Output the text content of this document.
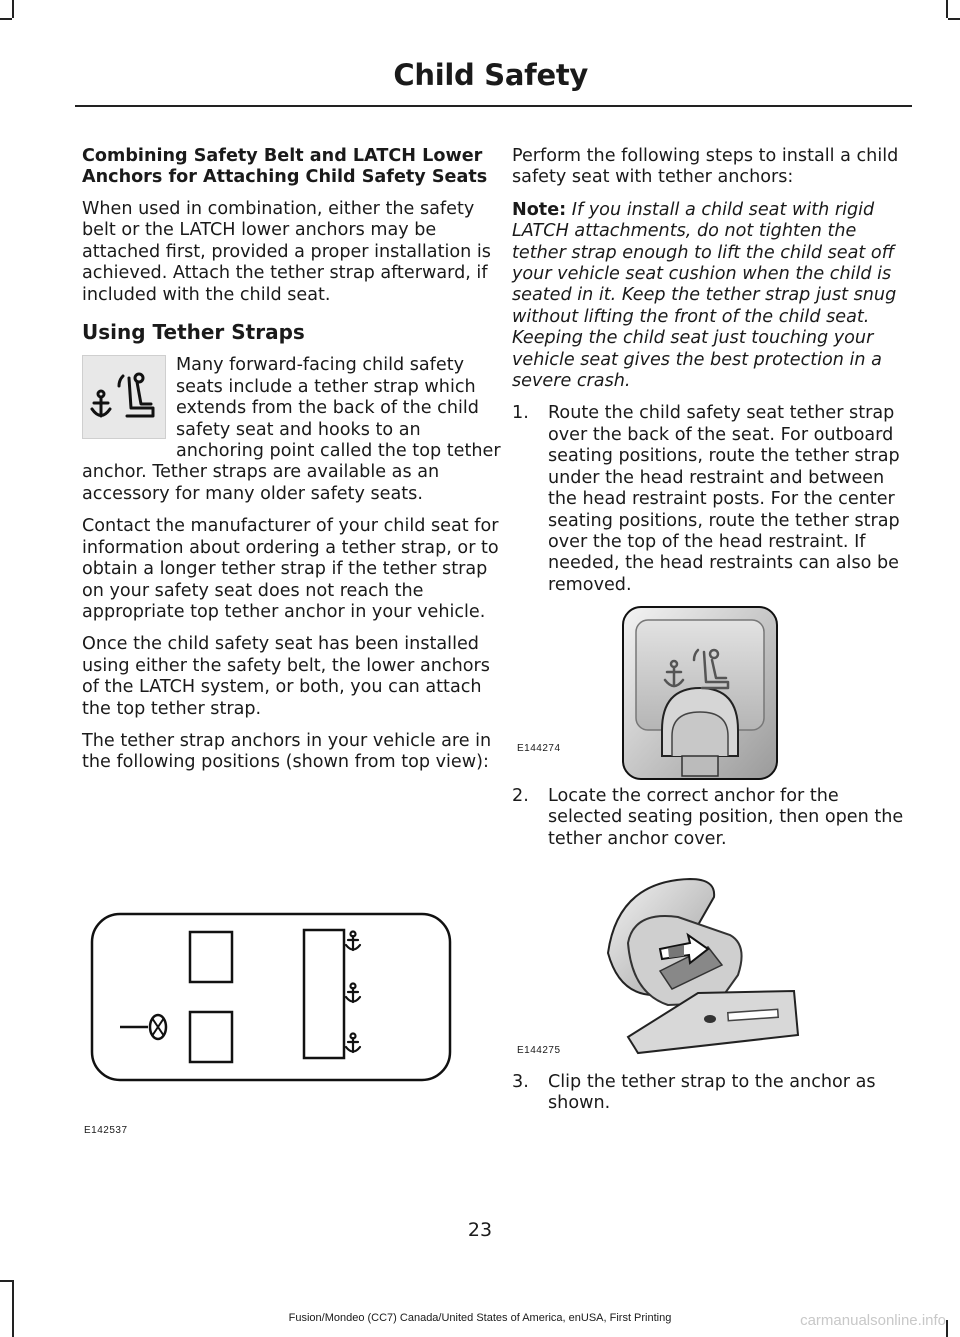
Child Safety
Combining Safety Belt and LATCH Lower Anchors for Attaching Child Safety Seats

When used in combination, either the safety belt or the LATCH lower anchors may be attached first, provided a proper installation is achieved. Attach the tether strap afterward, if included with the child seat.

Using Tether Straps

Many forward-facing child safety seats include a tether strap which extends from the back of the child safety seat and hooks to an anchoring point called the top tether anchor. Tether straps are available as an accessory for many older safety seats.

Contact the manufacturer of your child seat for information about ordering a tether strap, or to obtain a longer tether strap if the tether strap on your safety seat does not reach the appropriate top tether anchor in your vehicle.

Once the child safety seat has been installed using either the safety belt, the lower anchors of the LATCH system, or both, you can attach the top tether strap.

The tether strap anchors in your vehicle are in the following positions (shown from top view):

E142537

Perform the following steps to install a child safety seat with tether anchors:

Note: If you install a child seat with rigid LATCH attachments, do not tighten the tether strap enough to lift the child seat off your vehicle seat cushion when the child is seated in it. Keep the tether strap just snug without lifting the front of the child seat. Keeping the child seat just touching your vehicle seat gives the best protection in a severe crash.

1. Route the child safety seat tether strap over the back of the seat. For outboard seating positions, route the tether strap under the head restraint and between the head restraint posts. For the center seating positions, route the tether strap over the top of the head restraint. If needed, the head restraints can also be removed.
E144274
2. Locate the correct anchor for the selected seating position, then open the tether anchor cover.
E144275
3. Clip the tether strap to the anchor as shown.
23
Fusion/Mondeo (CC7) Canada/United States of America, enUSA, First Printing	carmanualsonline.info
